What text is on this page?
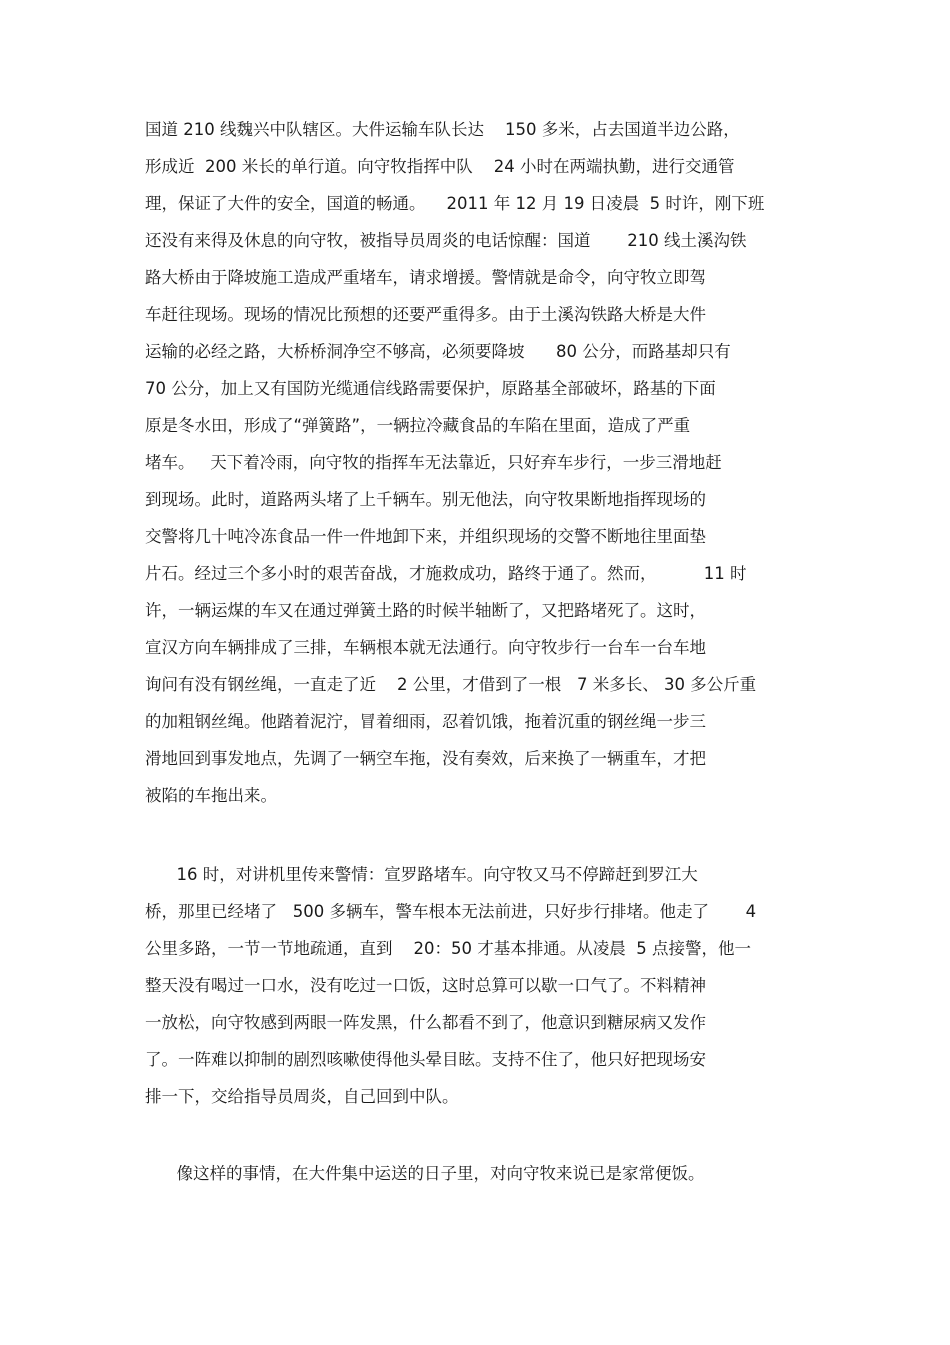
国道 210 线魏兴中队辖区。大件运输车队长达    150 多米，占去国道半边公路，

形成近  200 米长的单行道。向守牧指挥中队    24 小时在两端执勤，进行交通管

理，保证了大件的安全，国道的畅通。    2011 年 12 月 19 日凌晨  5 时许，刚下班

还没有来得及休息的向守牧，被指导员周炎的电话惊醒：国道       210 线土溪沟铁

路大桥由于降坡施工造成严重堵车，请求增援。警情就是命令，向守牧立即驾

车赶往现场。现场的情况比预想的还要严重得多。由于土溪沟铁路大桥是大件

运输的必经之路，大桥桥洞净空不够高，必须要降坡      80 公分，而路基却只有

70 公分，加上又有国防光缆通信线路需要保护，原路基全部破坏，路基的下面

原是冬水田，形成了“弹簧路”，一辆拉冷藏食品的车陷在里面，造成了严重

堵车。   天下着冷雨，向守牧的指挥车无法靠近，只好弃车步行，一步三滑地赶

到现场。此时，道路两头堵了上千辆车。别无他法，向守牧果断地指挥现场的

交警将几十吨冷冻食品一件一件地卸下来，并组织现场的交警不断地往里面垫

片石。经过三个多小时的艰苦奋战，才施救成功，路终于通了。然而，         11 时

许，一辆运煤的车又在通过弹簧土路的时候半轴断了，又把路堵死了。这时，

宣汉方向车辆排成了三排，车辆根本就无法通行。向守牧步行一台车一台车地

询问有没有钢丝绳，一直走了近    2 公里，才借到了一根   7 米多长、 30 多公斤重

的加粗钢丝绳。他踏着泥泞，冒着细雨，忍着饥饿，拖着沉重的钢丝绳一步三

滑地回到事发地点，先调了一辆空车拖，没有奏效，后来换了一辆重车，才把

被陷的车拖出来。

16 时，对讲机里传来警情：宣罗路堵车。向守牧又马不停蹄赶到罗江大

桥，那里已经堵了   500 多辆车，警车根本无法前进，只好步行排堵。他走了       4

公里多路，一节一节地疏通，直到    20：50 才基本排通。从凌晨  5 点接警，他一

整天没有喝过一口水，没有吃过一口饭，这时总算可以歇一口气了。不料精神

一放松，向守牧感到两眼一阵发黑，什么都看不到了，他意识到糖尿病又发作

了。一阵难以抑制的剧烈咳嗽使得他头晕目眩。支持不住了，他只好把现场安

排一下，交给指导员周炎，自己回到中队。

像这样的事情，在大件集中运送的日子里，对向守牧来说已是家常便饭。
